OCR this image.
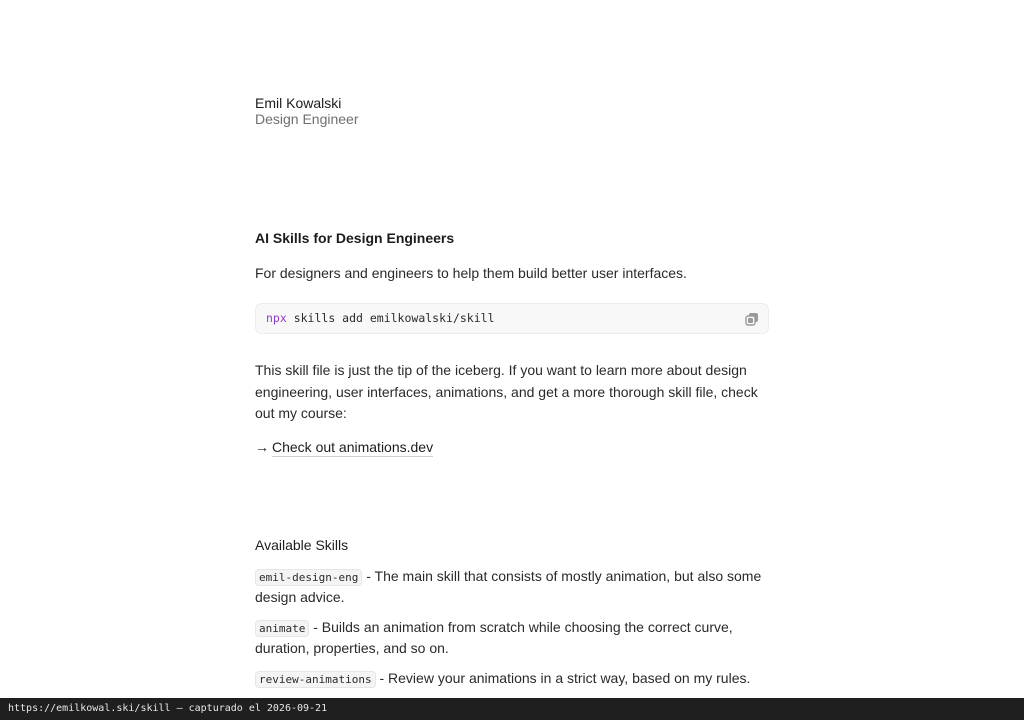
Emil Kowalski
Design Engineer
AI Skills for Design Engineers
For designers and engineers to help them build better user interfaces.
npx skills add emilkowalski/skill
This skill file is just the tip of the iceberg. If you want to learn more about design engineering, user interfaces, animations, and get a more thorough skill file, check out my course:
→ Check out animations.dev
Available Skills
emil-design-eng - The main skill that consists of mostly animation, but also some design advice.
animate - Builds an animation from scratch while choosing the correct curve, duration, properties, and so on.
review-animations - Review your animations in a strict way, based on my rules.
https://emilkowal.ski/skill — capturado el 2026-09-21
